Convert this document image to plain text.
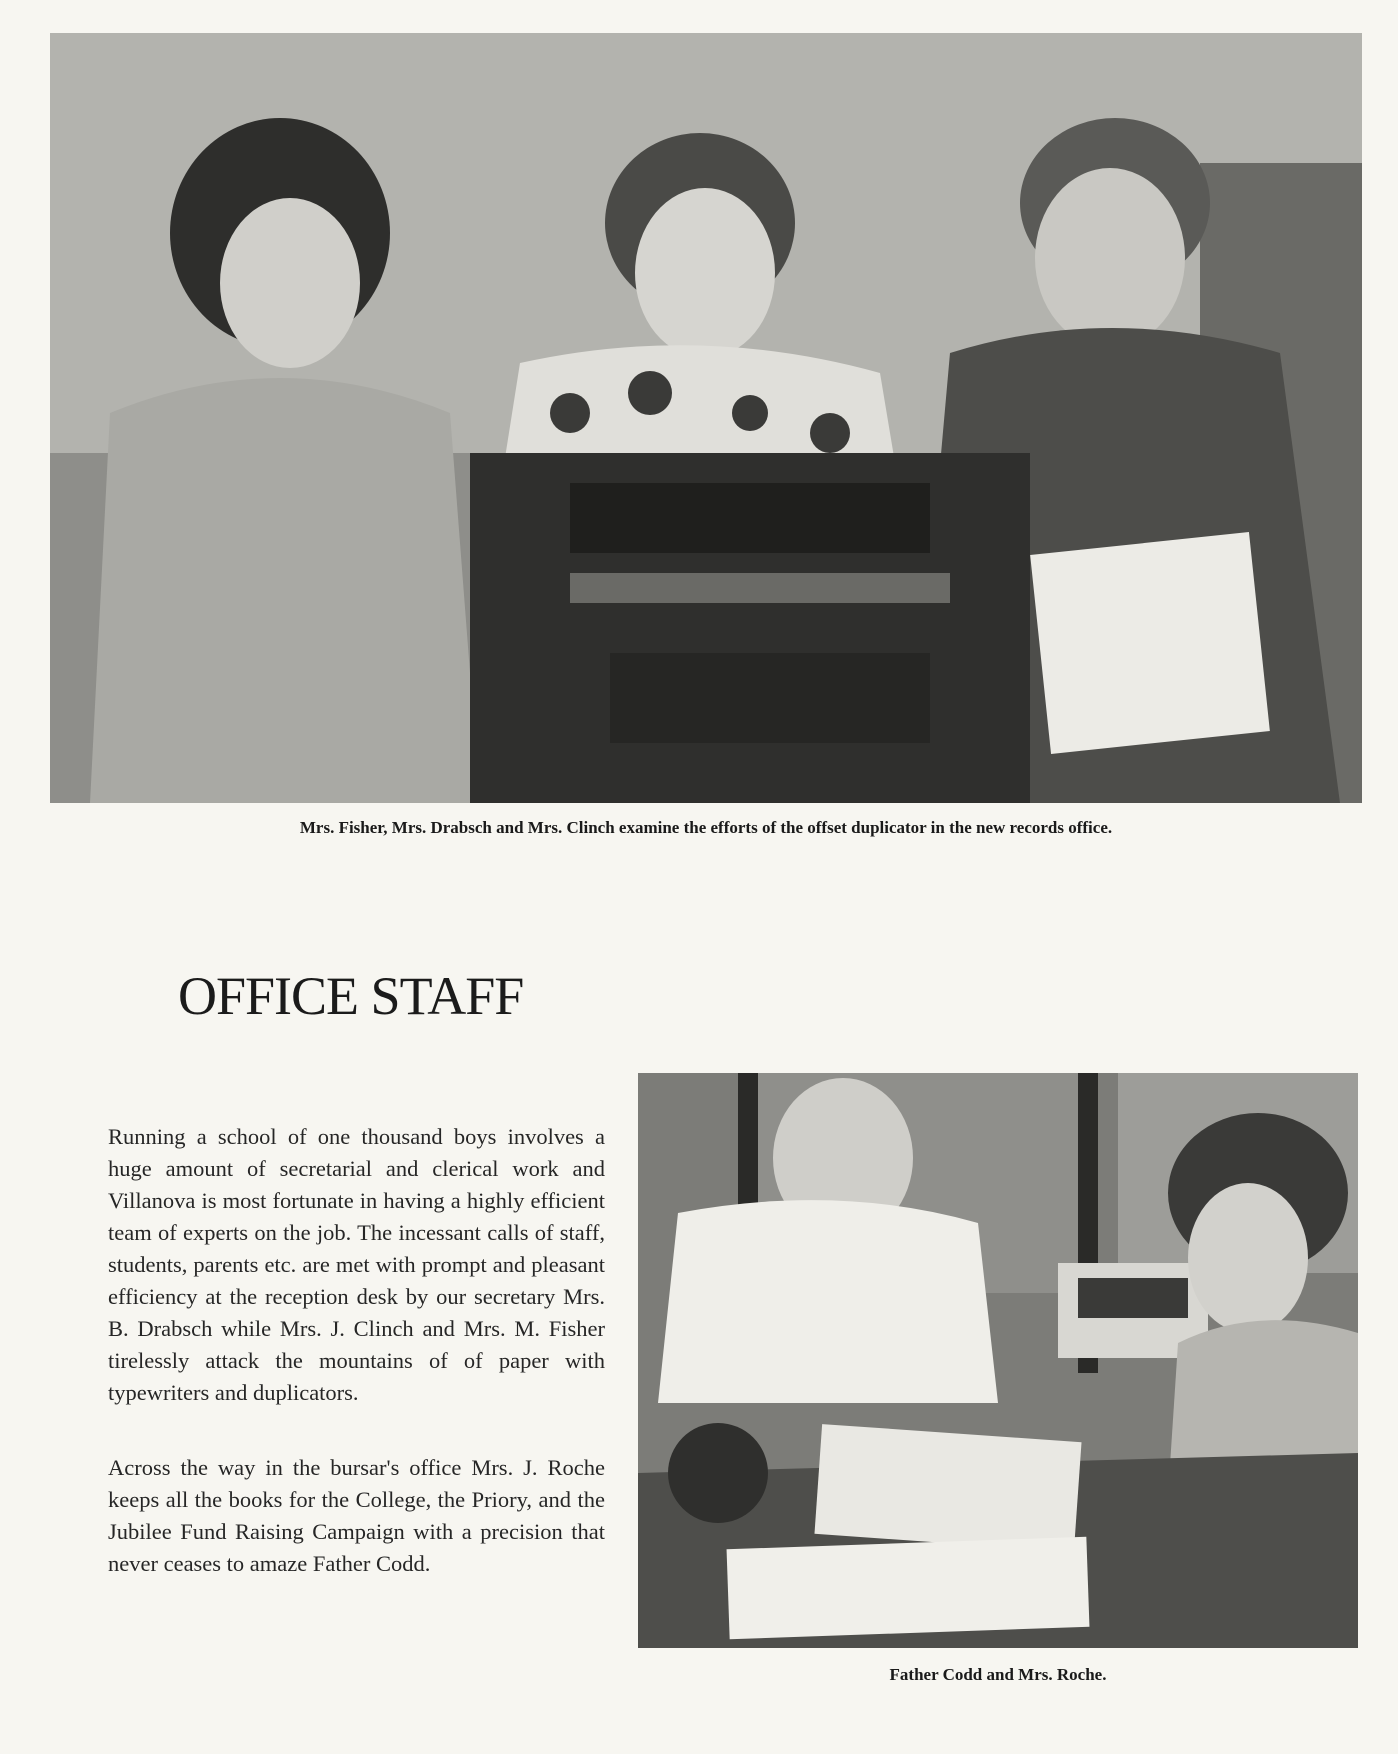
Mrs. Fisher, Mrs. Drabsch and Mrs. Clinch examine the efforts of the offset duplicator in the new records office.
OFFICE STAFF

Running a school of one thousand boys involves a huge amount of secretarial and clerical work and Villanova is most fortunate in having a highly efficient team of experts on the job. The incessant calls of staff, students, parents etc. are met with prompt and pleasant efficiency at the reception desk by our secretary Mrs. B. Drabsch while Mrs. J. Clinch and Mrs. M. Fisher tirelessly attack the mountains of of paper with typewriters and duplicators.

Across the way in the bursar's office Mrs. J. Roche keeps all the books for the College, the Priory, and the Jubilee Fund Raising Campaign with a precision that never ceases to amaze Father Codd.

Father Codd and Mrs. Roche.
